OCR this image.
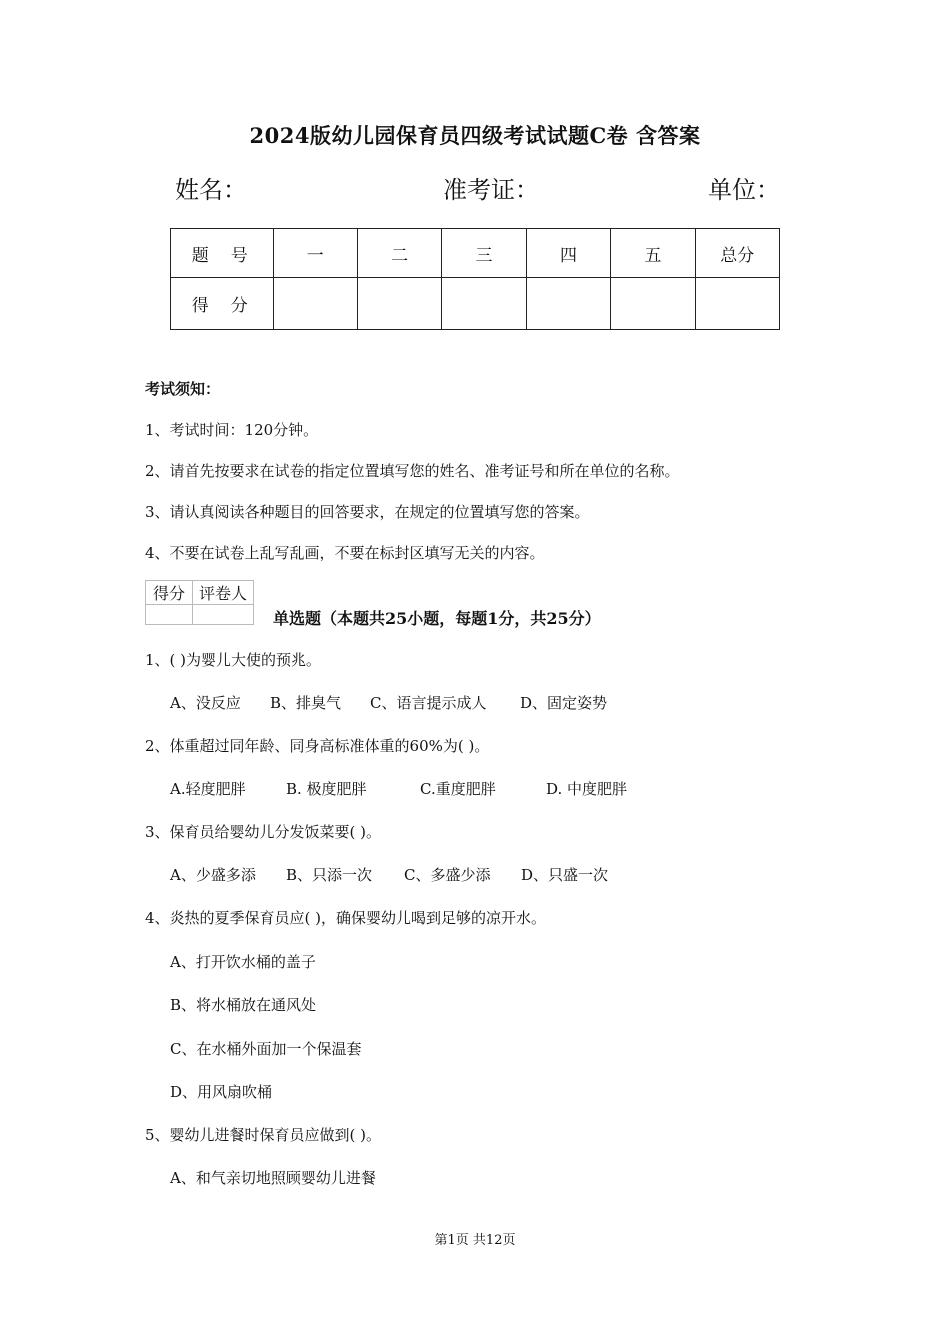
2024版幼儿园保育员四级考试试题C卷 含答案
姓名：	准考证：	单位：
题号	一	二	三	四	五	总分
得分						
考试须知：
1、考试时间：120分钟。
2、请首先按要求在试卷的指定位置填写您的姓名、准考证号和所在单位的名称。
3、请认真阅读各种题目的回答要求，在规定的位置填写您的答案。
4、不要在试卷上乱写乱画，不要在标封区填写无关的内容。
得分	评卷人

单选题（本题共25小题，每题1分，共25分）
1、( )为婴儿大使的预兆。
A、没反应 B、排臭气 C、语言提示成人 D、固定姿势
2、体重超过同年龄、同身高标准体重的60%为( )。
A.轻度肥胖	B. 极度肥胖	C.重度肥胖	D. 中度肥胖
3、保育员给婴幼儿分发饭菜要( )。
A、少盛多添 B、只添一次 C、多盛少添 D、只盛一次
4、炎热的夏季保育员应( )，确保婴幼儿喝到足够的凉开水。
A、打开饮水桶的盖子
B、将水桶放在通风处
C、在水桶外面加一个保温套
D、用风扇吹桶
5、婴幼儿进餐时保育员应做到( )。
A、和气亲切地照顾婴幼儿进餐
第1页 共12页
